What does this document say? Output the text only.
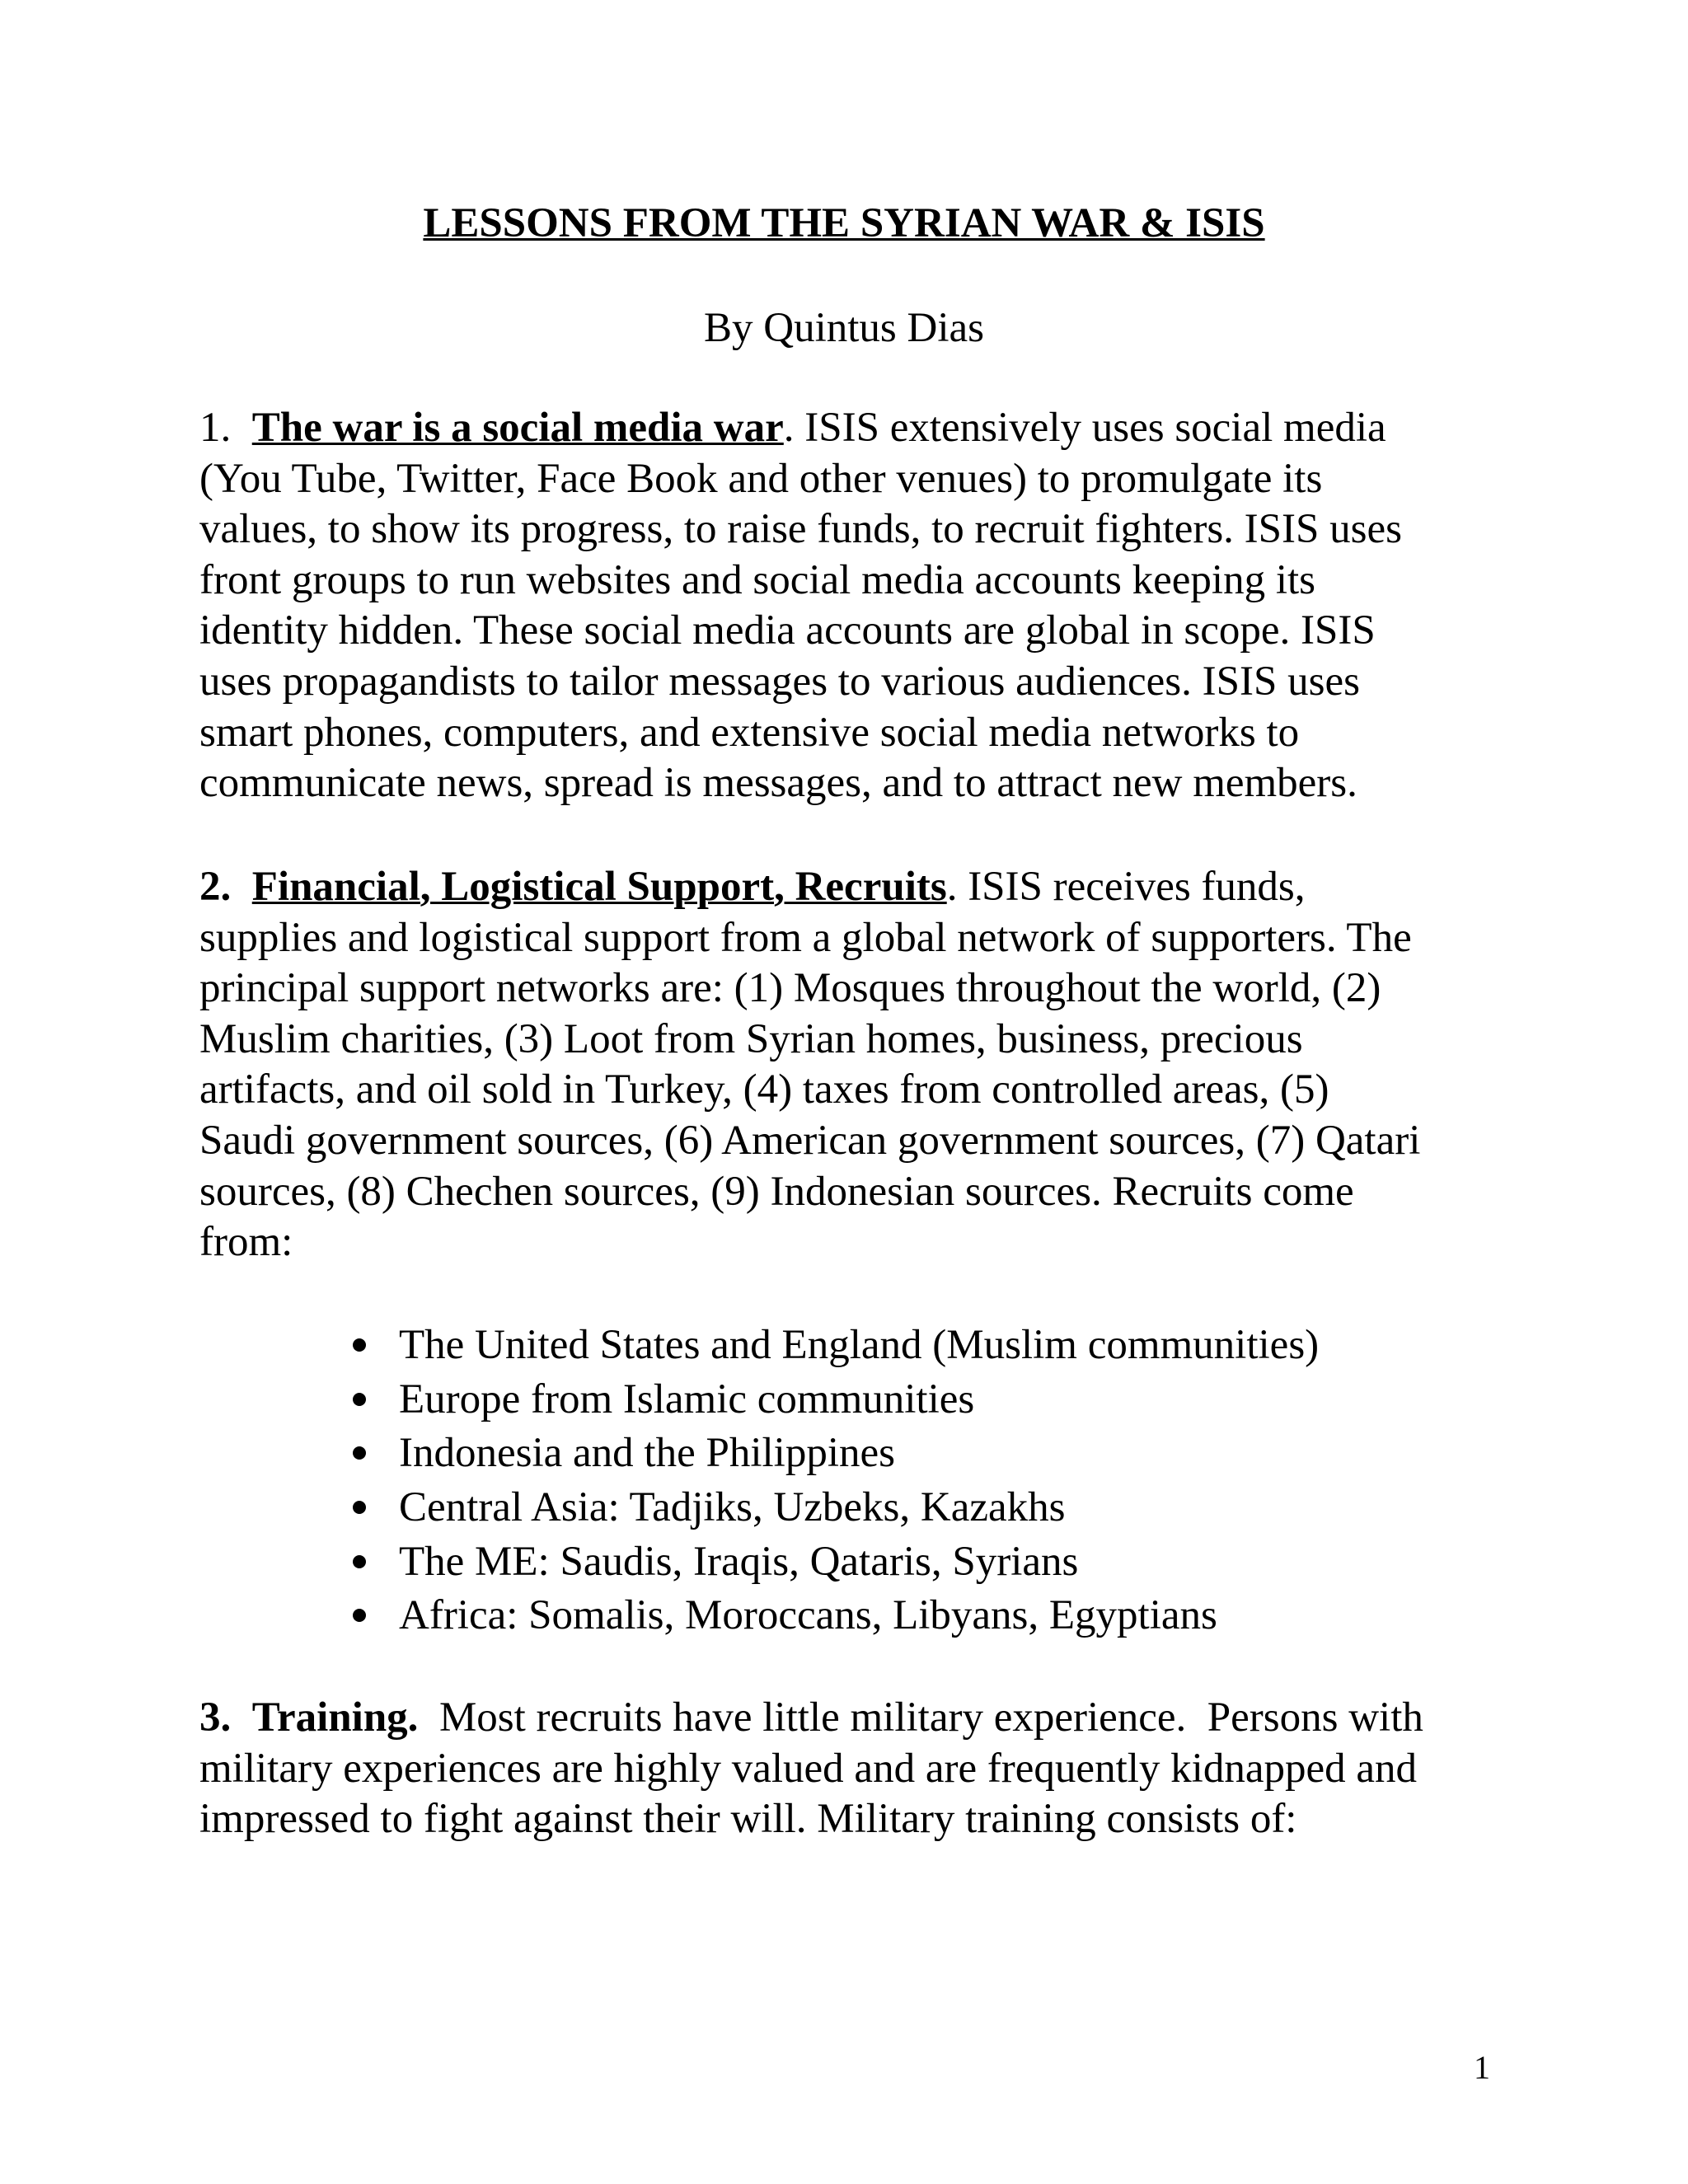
LESSONS FROM THE SYRIAN WAR & ISIS
By Quintus Dias
1. The war is a social media war. ISIS extensively uses social media
(You Tube, Twitter, Face Book and other venues) to promulgate its
values, to show its progress, to raise funds, to recruit fighters. ISIS uses
front groups to run websites and social media accounts keeping its
identity hidden. These social media accounts are global in scope. ISIS
uses propagandists to tailor messages to various audiences. ISIS uses
smart phones, computers, and extensive social media networks to
communicate news, spread is messages, and to attract new members.
2. Financial, Logistical Support, Recruits. ISIS receives funds,
supplies and logistical support from a global network of supporters. The
principal support networks are: (1) Mosques throughout the world, (2)
Muslim charities, (3) Loot from Syrian homes, business, precious
artifacts, and oil sold in Turkey, (4) taxes from controlled areas, (5)
Saudi government sources, (6) American government sources, (7) Qatari
sources, (8) Chechen sources, (9) Indonesian sources. Recruits come
from:
The United States and England (Muslim communities)
Europe from Islamic communities
Indonesia and the Philippines
Central Asia: Tadjiks, Uzbeks, Kazakhs
The ME: Saudis, Iraqis, Qataris, Syrians
Africa: Somalis, Moroccans, Libyans, Egyptians
3. Training.  Most recruits have little military experience.  Persons with
military experiences are highly valued and are frequently kidnapped and
impressed to fight against their will. Military training consists of:
1
